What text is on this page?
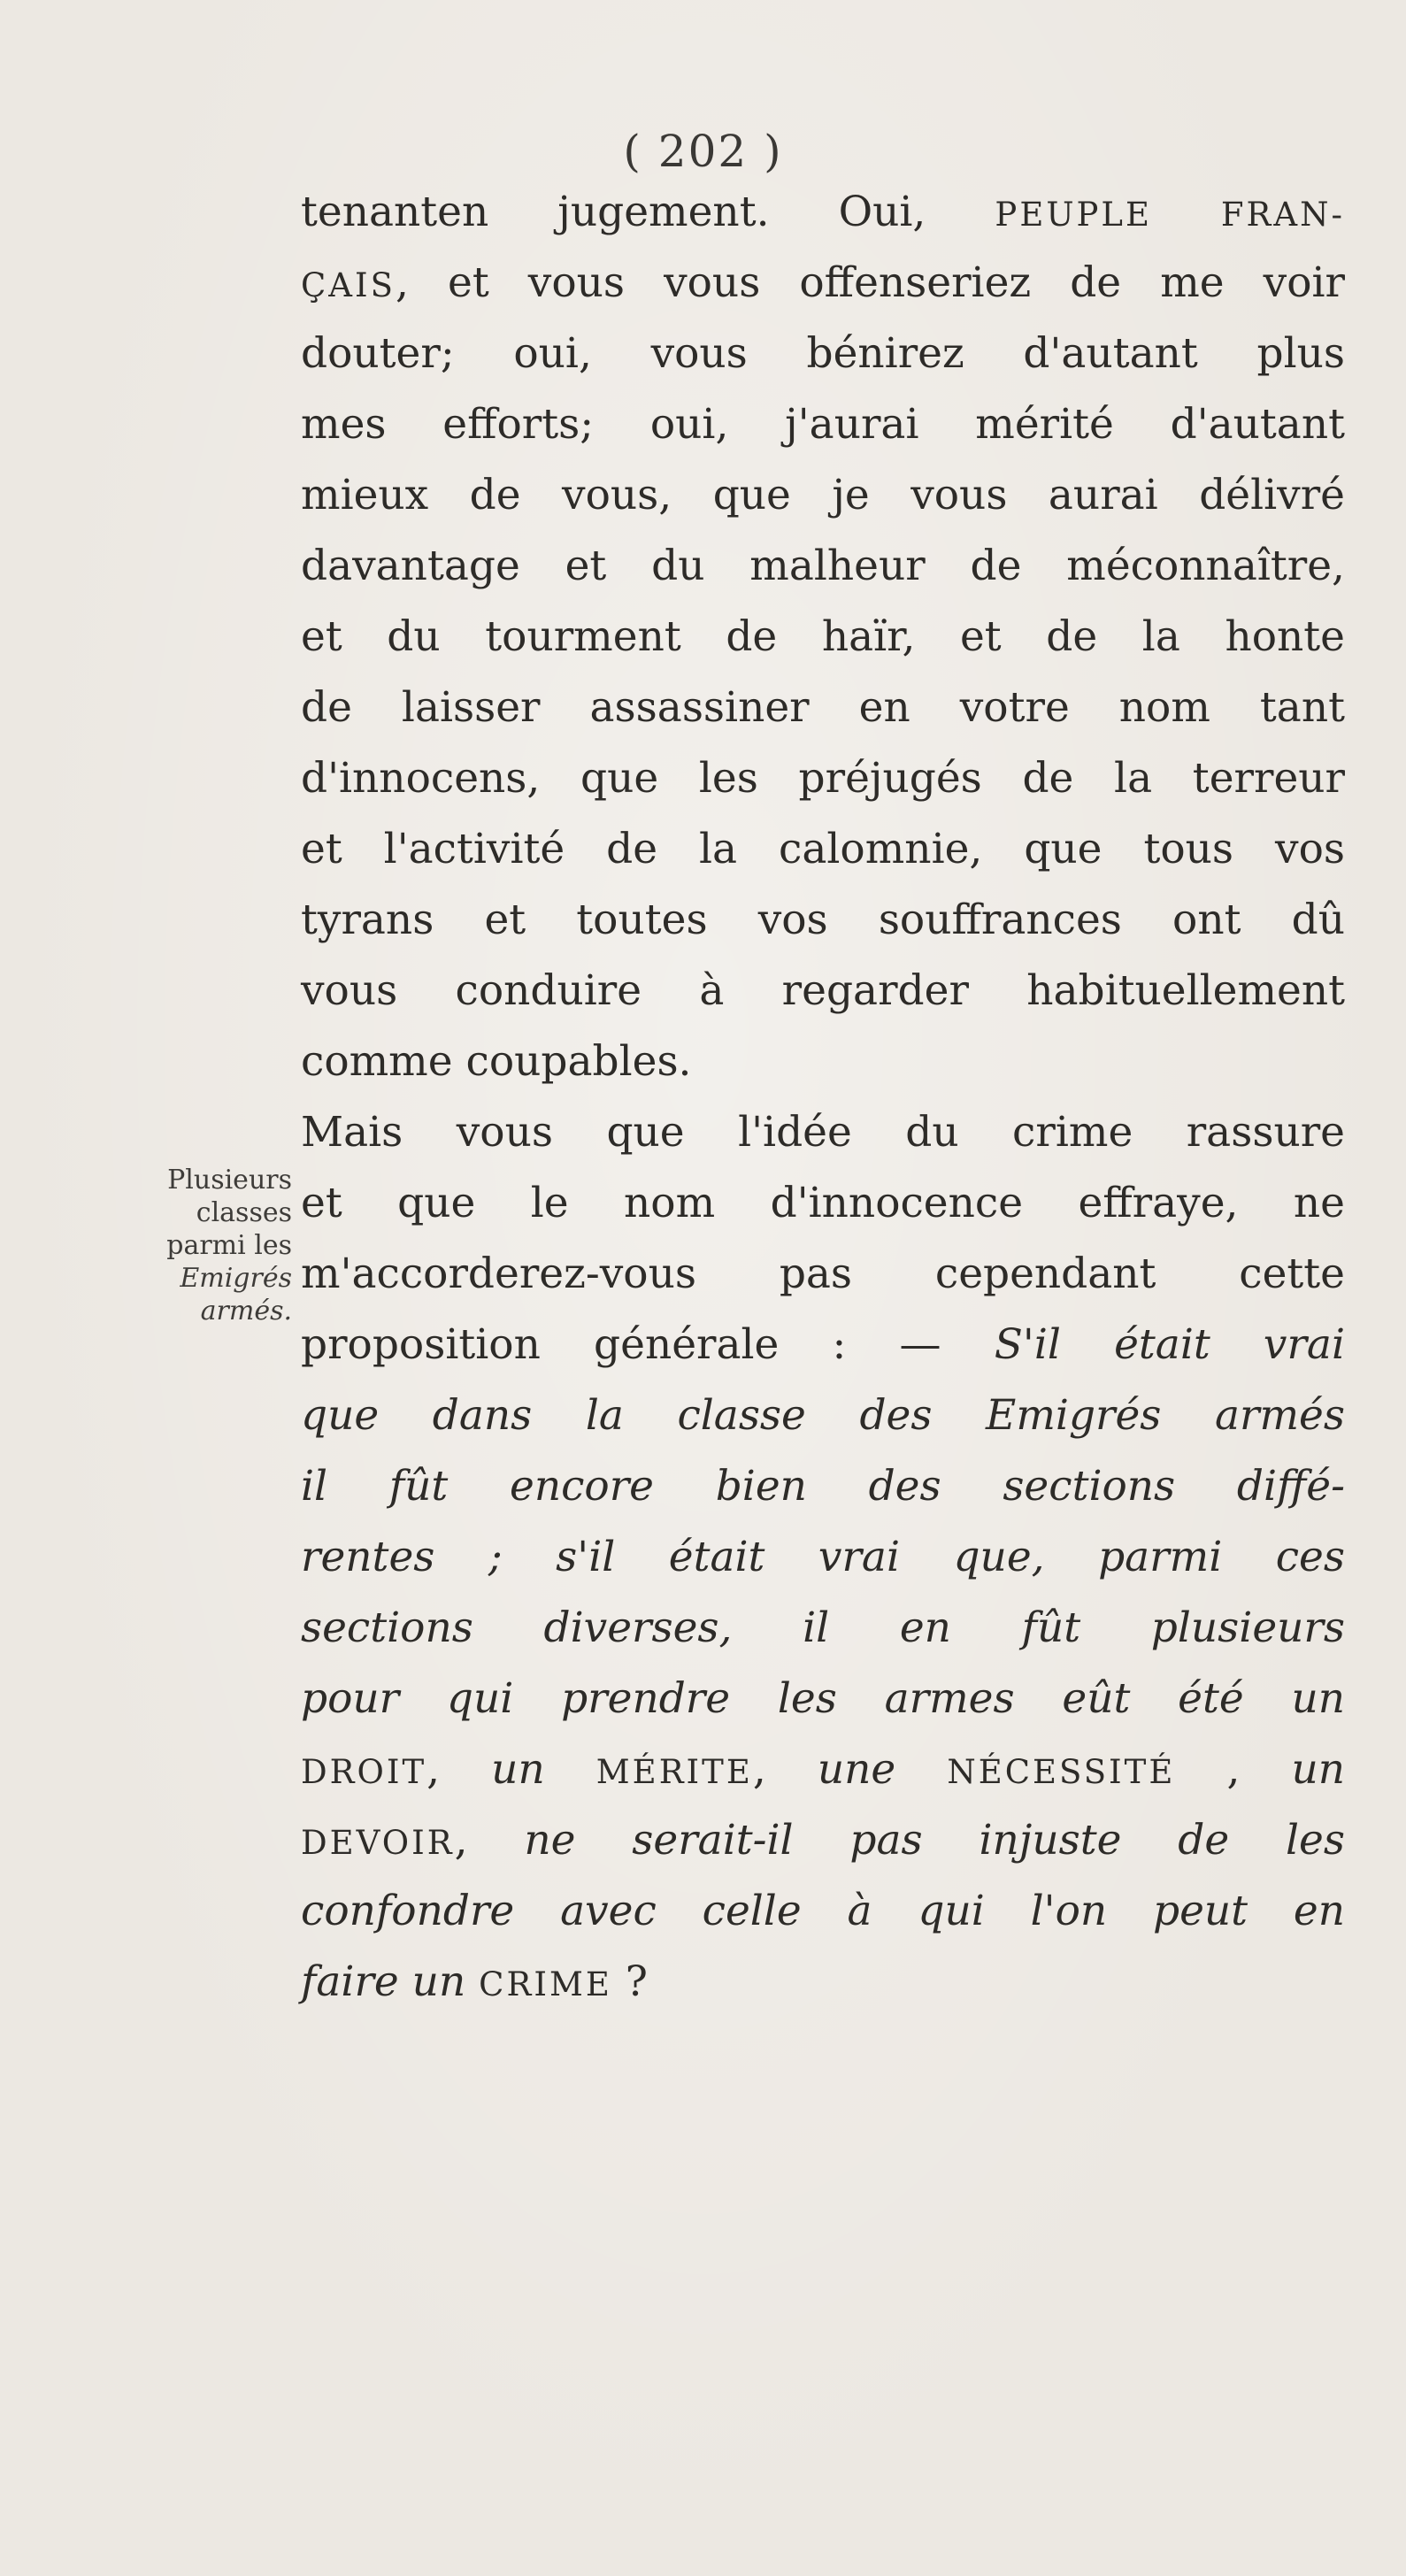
( 202 )
tenanten jugement. Oui, PEUPLE FRAN-
ÇAIS, et vous vous offenseriez de me voir
douter; oui, vous bénirez d'autant plus
mes efforts; oui, j'aurai mérité d'autant
mieux de vous, que je vous aurai délivré
davantage et du malheur de méconnaître,
et du tourment de haïr, et de la honte
de laisser assassiner en votre nom tant
d'innocens, que les préjugés de la terreur
et l'activité de la calomnie, que tous vos
tyrans et toutes vos souffrances ont dû
vous conduire à regarder habituellement
comme coupables.
Mais vous que l'idée du crime rassure
et que le nom d'innocence effraye, ne
m'accorderez-vous pas cependant cette
proposition générale : — S'il était vrai
que dans la classe des Emigrés armés
il fût encore bien des sections diffé-
rentes ; s'il était vrai que, parmi ces
sections diverses, il en fût plusieurs
pour qui prendre les armes eût été un
DROIT, un MÉRITE, une NÉCESSITÉ , un
DEVOIR, ne serait-il pas injuste de les
confondre avec celle à qui l'on peut en
faire un CRIME ?
Plusieurs
classes
parmi les
Emigrés
armés.
